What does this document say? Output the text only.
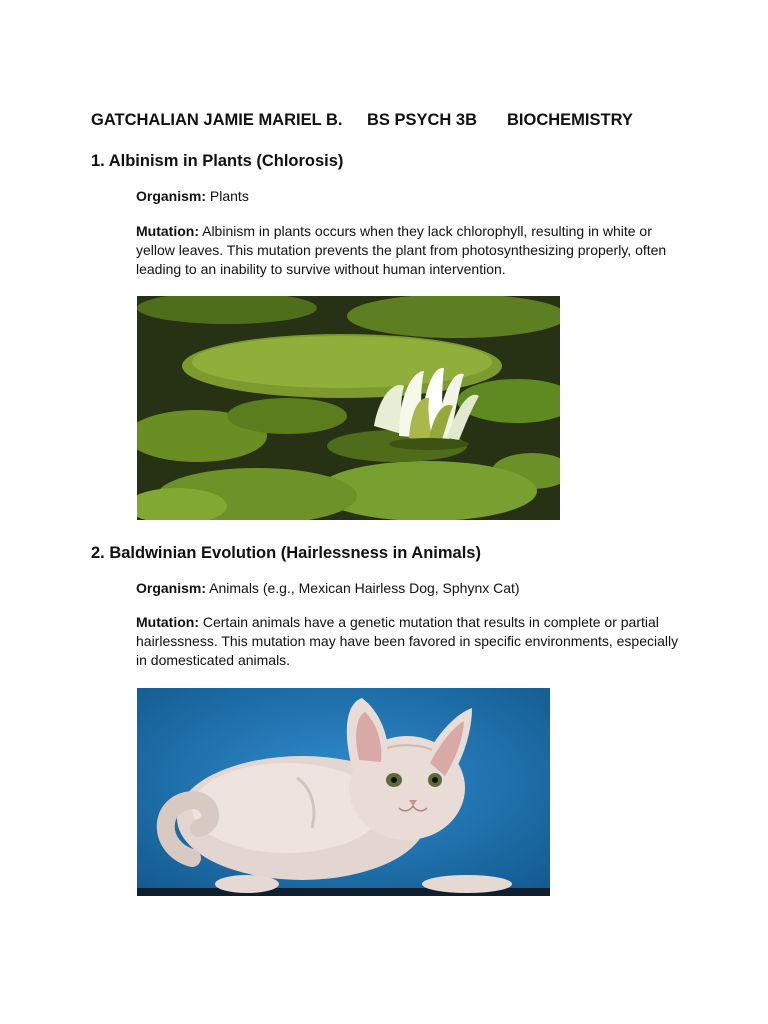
GATCHALIAN JAMIE MARIEL B. BS PSYCH 3B BIOCHEMISTRY
1. Albinism in Plants (Chlorosis)
Organism: Plants
Mutation: Albinism in plants occurs when they lack chlorophyll, resulting in white or yellow leaves. This mutation prevents the plant from photosynthesizing properly, often leading to an inability to survive without human intervention.
2. Baldwinian Evolution (Hairlessness in Animals)
Organism: Animals (e.g., Mexican Hairless Dog, Sphynx Cat)
Mutation: Certain animals have a genetic mutation that results in complete or partial hairlessness. This mutation may have been favored in specific environments, especially in domesticated animals.
